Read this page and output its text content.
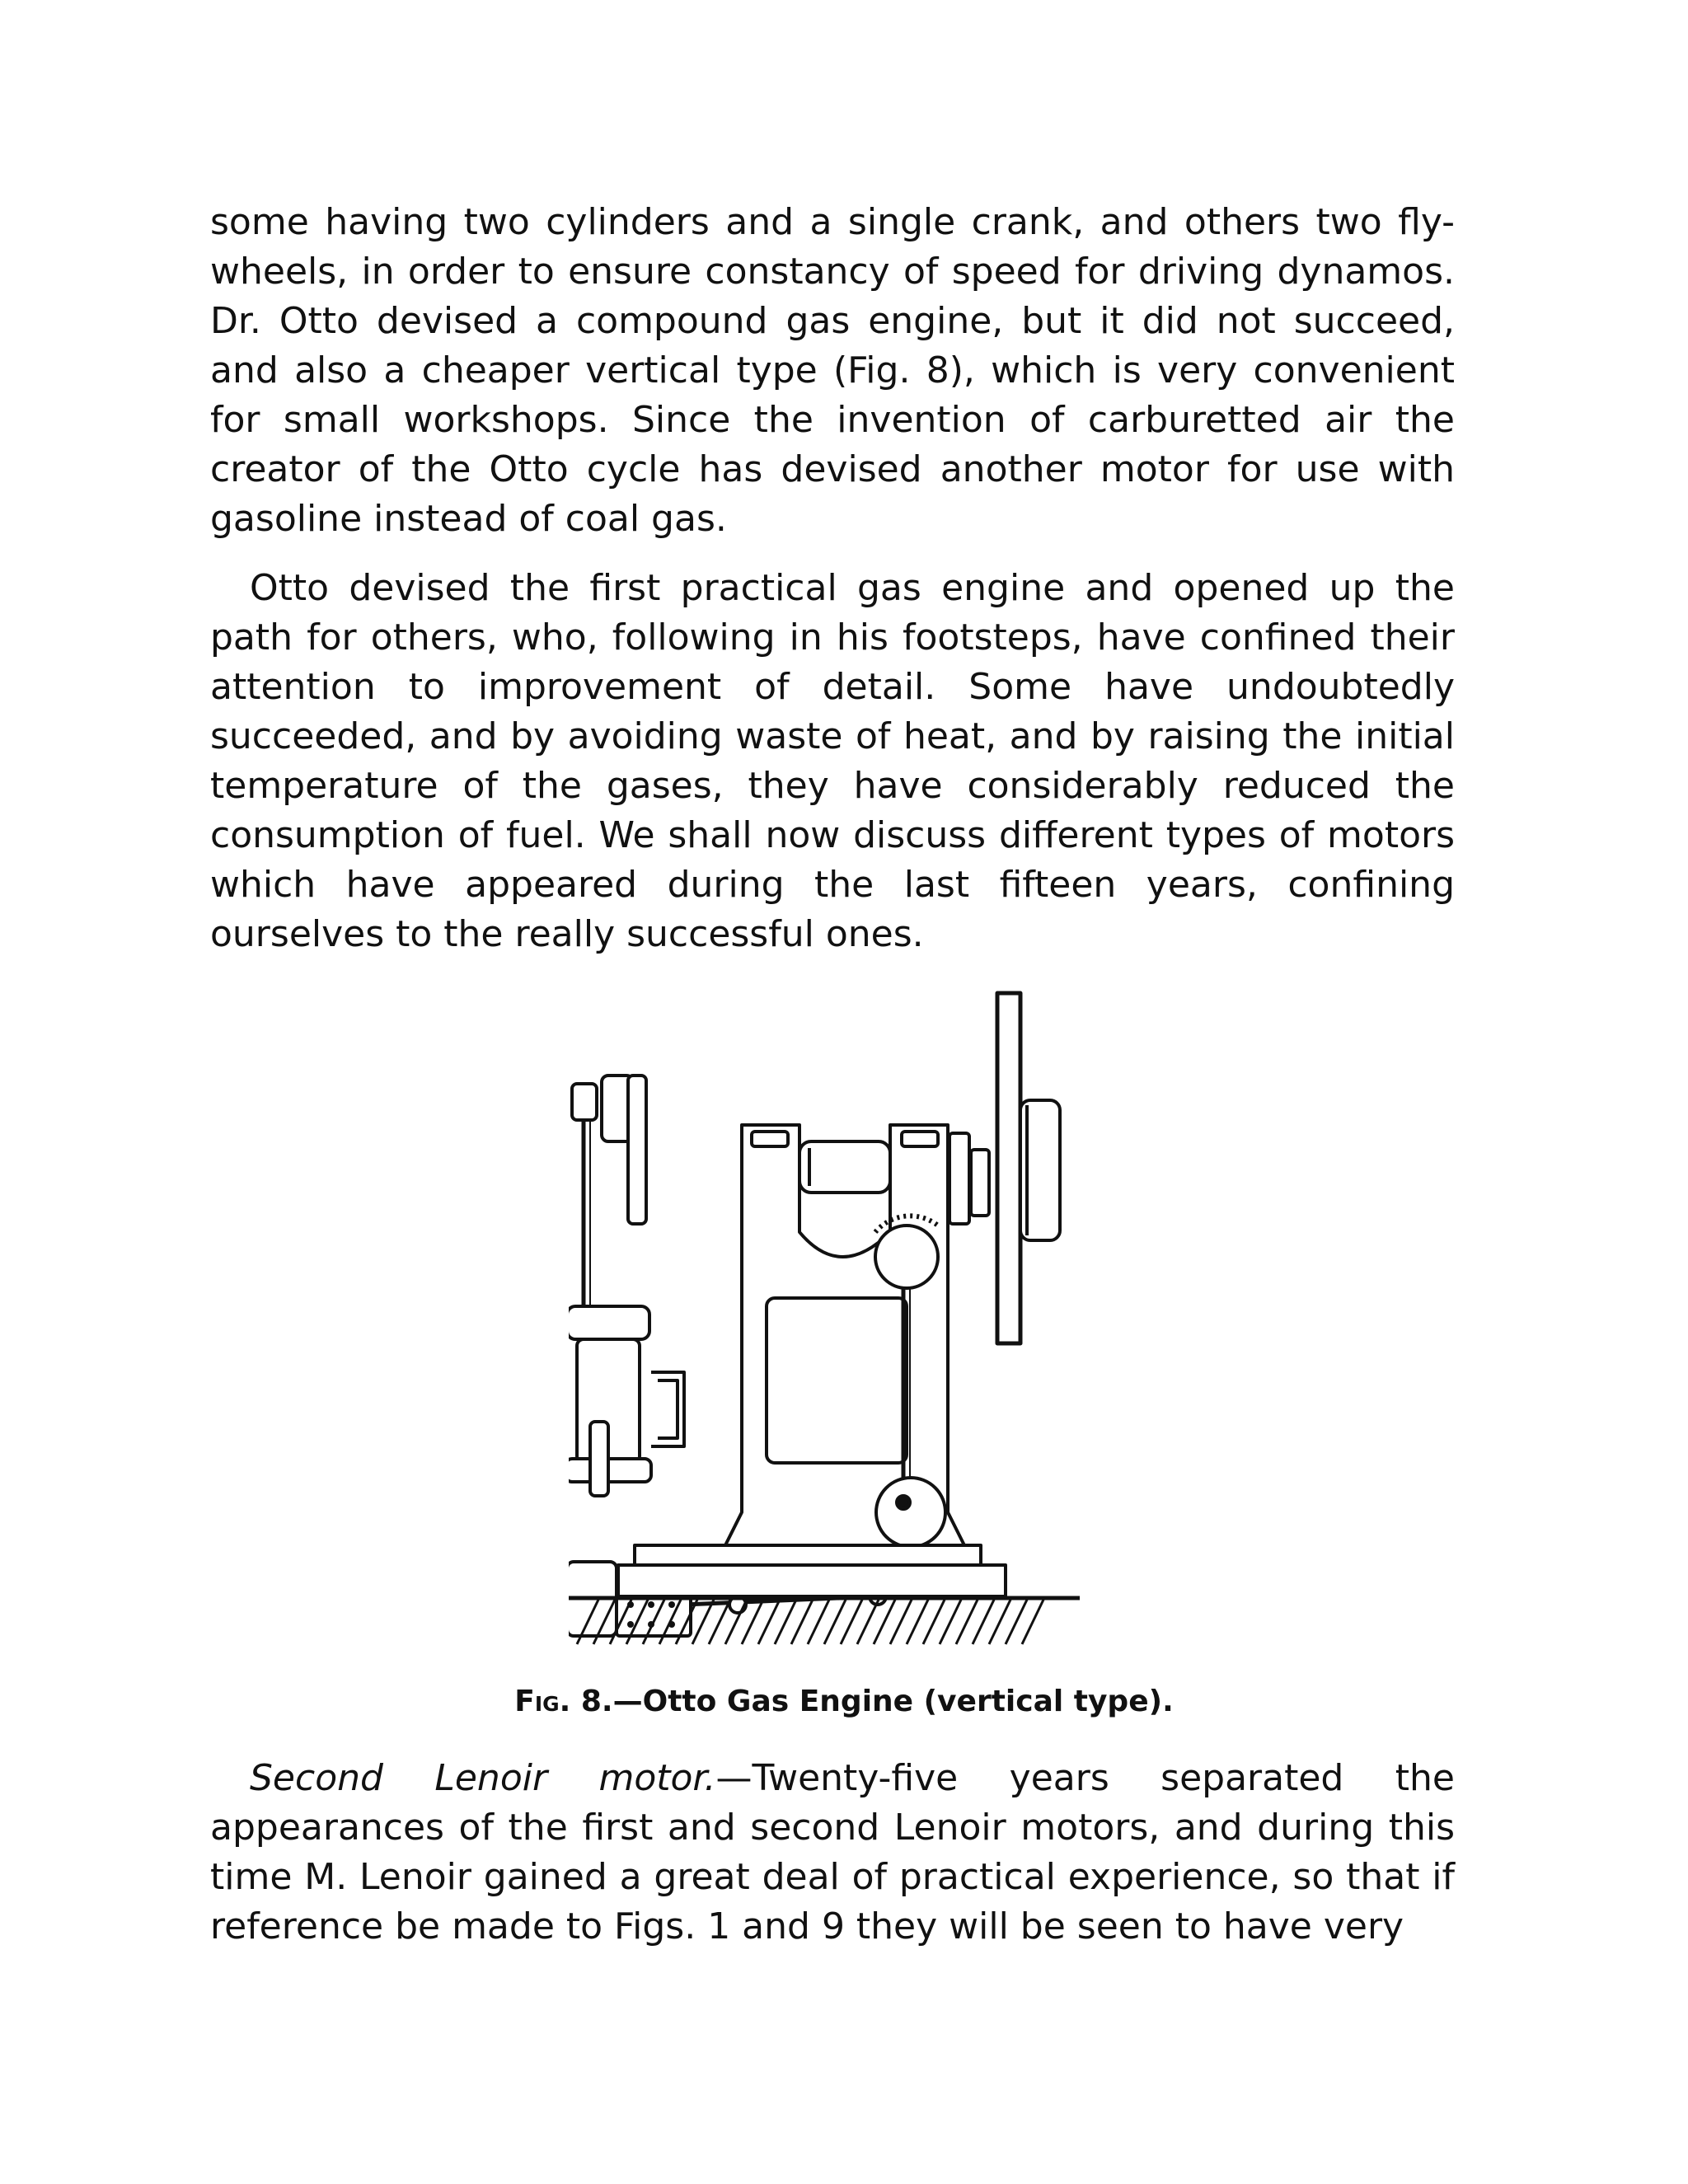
some having two cylinders and a single crank, and others two fly-wheels, in order to ensure constancy of speed for driving dynamos. Dr. Otto devised a compound gas engine, but it did not succeed, and also a cheaper vertical type (Fig. 8), which is very convenient for small workshops. Since the invention of carburetted air the creator of the Otto cycle has devised another motor for use with gasoline instead of coal gas.

Otto devised the first practical gas engine and opened up the path for others, who, following in his footsteps, have confined their attention to improvement of detail. Some have undoubtedly succeeded, and by avoiding waste of heat, and by raising the initial temperature of the gases, they have considerably reduced the consumption of fuel. We shall now discuss different types of motors which have appeared during the last fifteen years, confining ourselves to the really successful ones.

Fig. 8.—Otto Gas Engine (vertical type).

Second Lenoir motor.—Twenty-five years separated the appearances of the first and second Lenoir motors, and during this time M. Lenoir gained a great deal of practical experience, so that if reference be made to Figs. 1 and 9 they will be seen to have very
